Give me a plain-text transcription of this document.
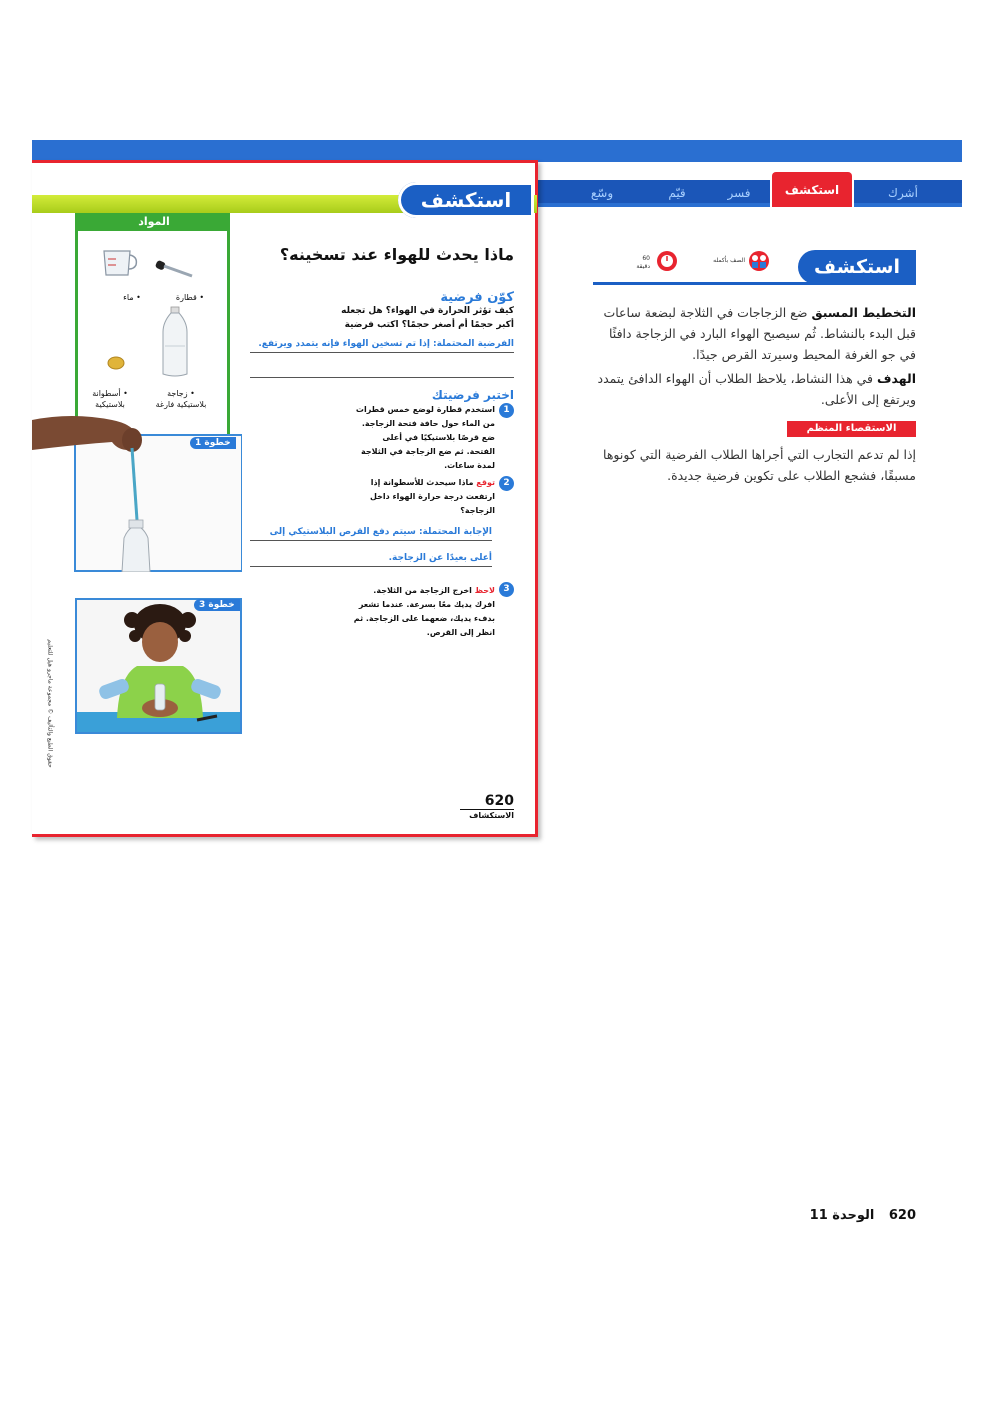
أشرك
استكشف
فسر
قيّم
وسّع
استكشف
المواد
• ماء	• قطارة
• زجاجة بلاستيكية فارغة
• أسطوانة بلاستيكية
خطوة 1
خطوة 3
حقوق الطبع والتأليف © مجموعة ماجرو هيل للتعليم
ماذا يحدث للهواء عند تسخينه؟
كوّن فرضية
كيف تؤثر الحرارة في الهواء؟ هل تجعله أكبر حجمًا أم أصغر حجمًا؟ اكتب فرضية
الفرضية المحتملة: إذا تم تسخين الهواء فإنه يتمدد ويرتفع.
اختبر فرضيتك
1
استخدم قطارة لوضع خمس قطرات من الماء حول حافة فتحة الزجاجة. ضع قرصًا بلاستيكيًا في أعلى الفتحة. ثم ضع الزجاجة في الثلاجة لمدة ساعات.
2
توقع ماذا سيحدث للأسطوانة إذا ارتفعت درجة حرارة الهواء داخل الزجاجة؟
الإجابة المحتملة: سيتم دفع القرص البلاستيكي إلى
أعلى بعيدًا عن الزجاجة.
3
لاحظ اخرج الزجاجة من الثلاجة. افرك يديك معًا بسرعة. عندما تشعر بدفء يديك، ضعهما على الزجاجة. ثم انظر إلى القرص.
620
الاستكشاف
استكشف
الصف بأكمله
60
دقيقة
التخطيط المسبق ضع الزجاجات في الثلاجة لبضعة ساعات قبل البدء بالنشاط. ثُم سيصبح الهواء البارد في الزجاجة دافئًا في جو الغرفة المحيط وسيرتد القرص جيدًا.
الهدف في هذا النشاط، يلاحظ الطلاب أن الهواء الدافئ يتمدد ويرتفع إلى الأعلى.
الاستقصاء المنظم
إذا لم تدعم التجارب التي أجراها الطلاب الفرضية التي كونوها مسبقًا، فشجع الطلاب على تكوين فرضية جديدة.
620 الوحدة 11
